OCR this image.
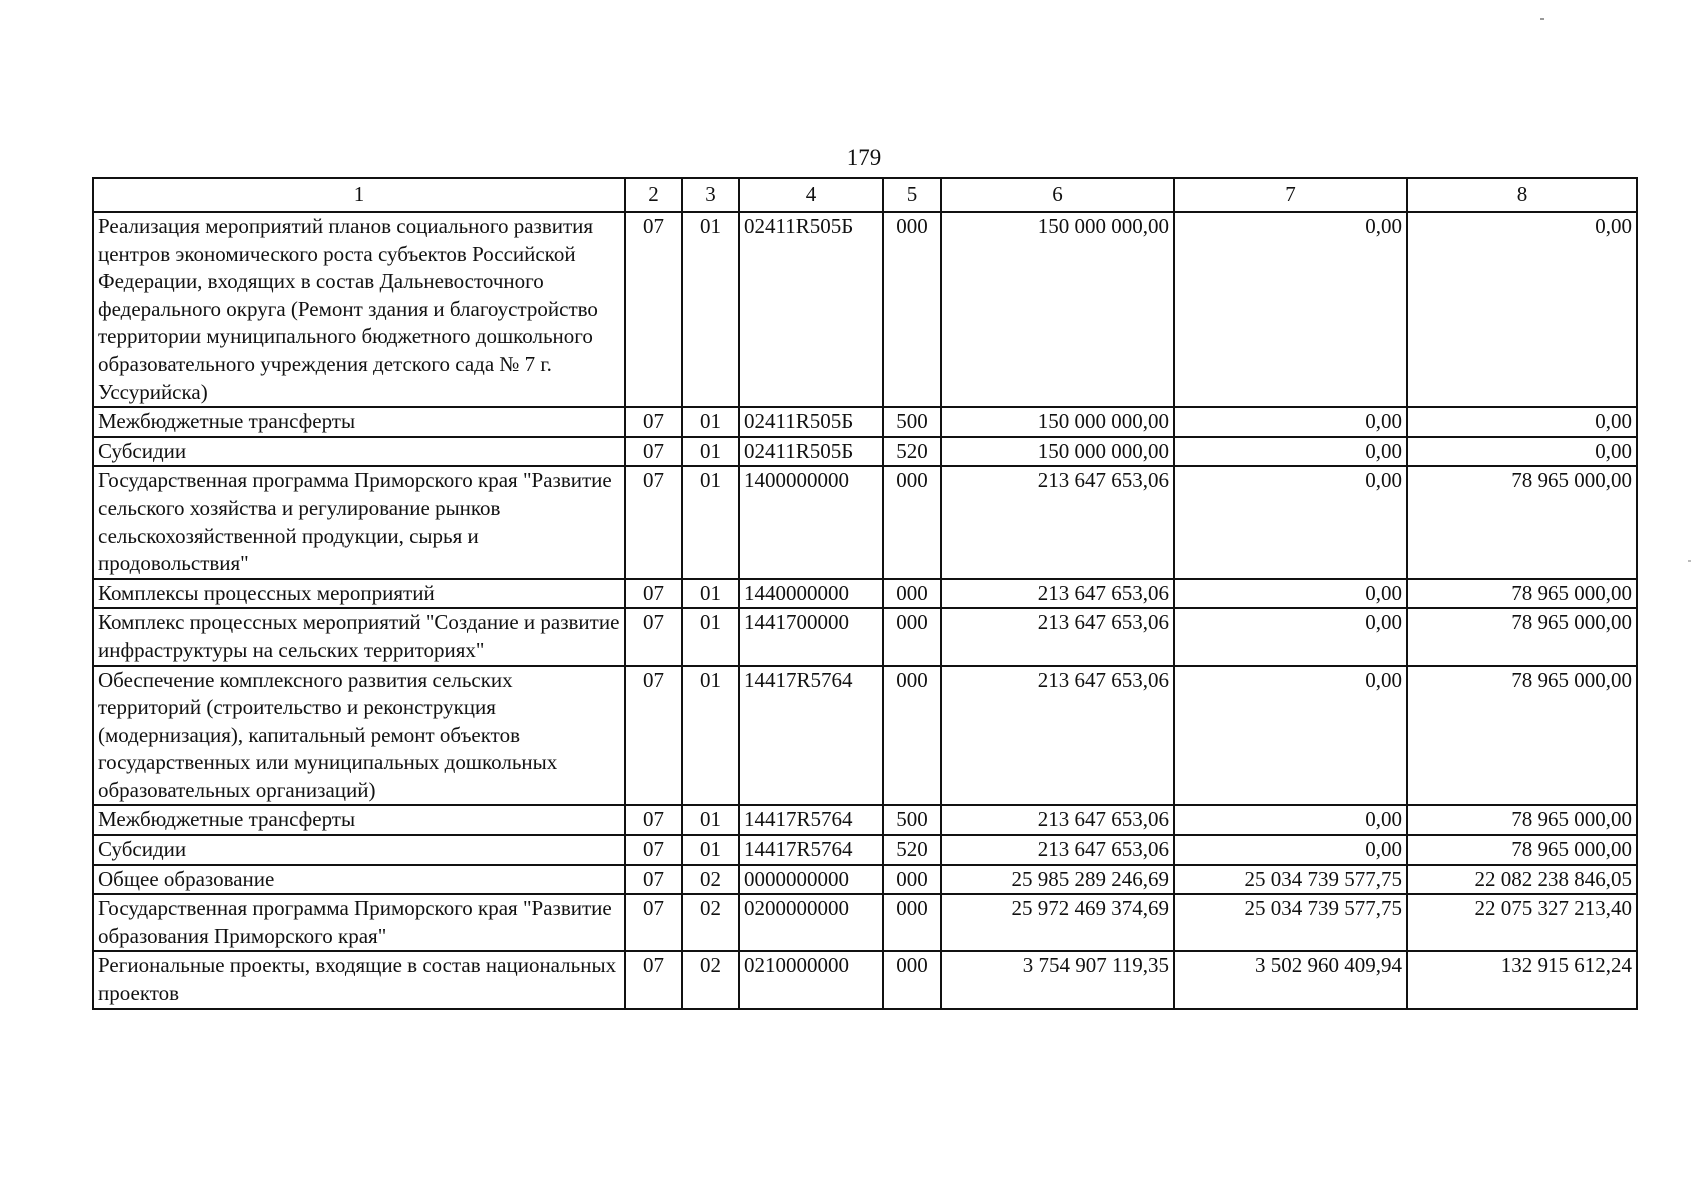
179
1	2	3	4	5	6	7	8
Реализация мероприятий планов социального развития центров экономического роста субъектов Российской Федерации, входящих в состав Дальневосточного федерального округа (Ремонт здания и благоустройство территории муниципального бюджетного дошкольного образовательного учреждения детского сада № 7 г. Уссурийска)	07	01	02411R505Б	000	150 000 000,00	0,00	0,00
Межбюджетные трансферты	07	01	02411R505Б	500	150 000 000,00	0,00	0,00
Субсидии	07	01	02411R505Б	520	150 000 000,00	0,00	0,00
Государственная программа Приморского края "Развитие сельского хозяйства и регулирование рынков сельскохозяйственной продукции, сырья и продовольствия"	07	01	1400000000	000	213 647 653,06	0,00	78 965 000,00
Комплексы процессных мероприятий	07	01	1440000000	000	213 647 653,06	0,00	78 965 000,00
Комплекс процессных мероприятий "Создание и развитие инфраструктуры на сельских территориях"	07	01	1441700000	000	213 647 653,06	0,00	78 965 000,00
Обеспечение комплексного развития сельских территорий (строительство и реконструкция (модернизация), капитальный ремонт объектов государственных или муниципальных дошкольных образовательных организаций)	07	01	14417R5764	000	213 647 653,06	0,00	78 965 000,00
Межбюджетные трансферты	07	01	14417R5764	500	213 647 653,06	0,00	78 965 000,00
Субсидии	07	01	14417R5764	520	213 647 653,06	0,00	78 965 000,00
Общее образование	07	02	0000000000	000	25 985 289 246,69	25 034 739 577,75	22 082 238 846,05
Государственная программа Приморского края "Развитие образования Приморского края"	07	02	0200000000	000	25 972 469 374,69	25 034 739 577,75	22 075 327 213,40
Региональные проекты, входящие в состав национальных проектов	07	02	0210000000	000	3 754 907 119,35	3 502 960 409,94	132 915 612,24
